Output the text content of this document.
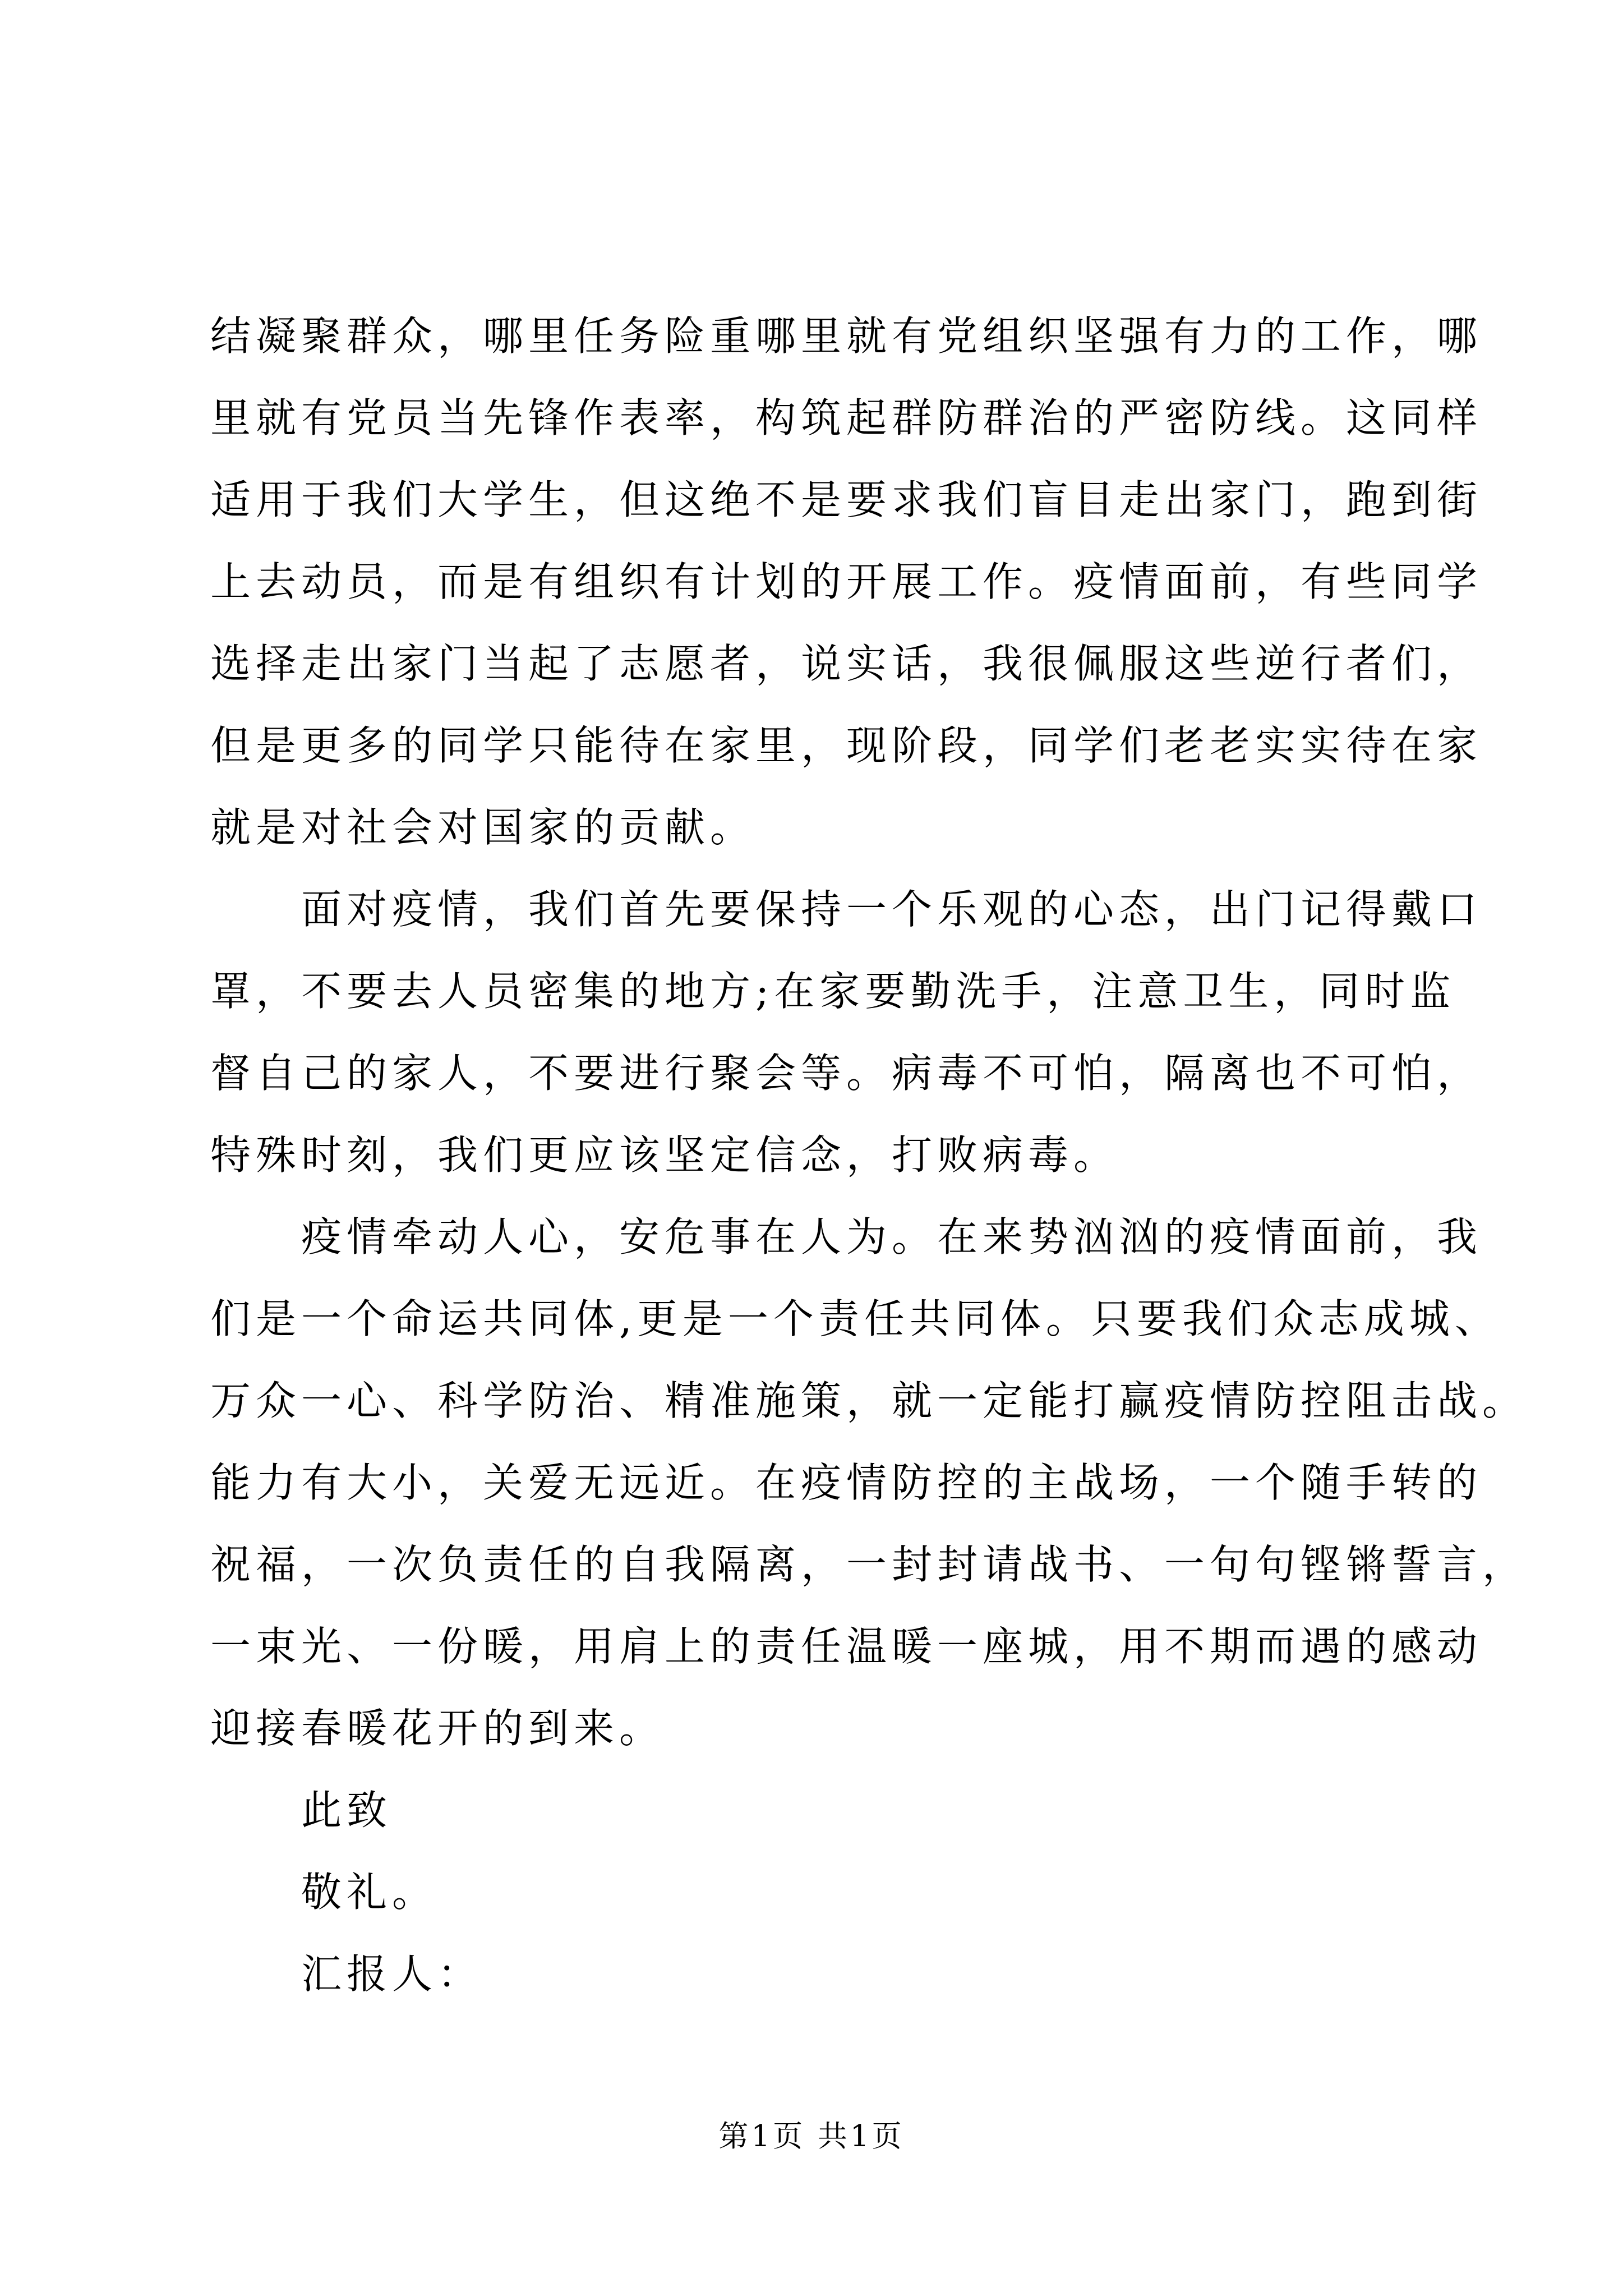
结凝聚群众，哪里任务险重哪里就有党组织坚强有力的工作，哪
里就有党员当先锋作表率，构筑起群防群治的严密防线。这同样
适用于我们大学生，但这绝不是要求我们盲目走出家门，跑到街
上去动员，而是有组织有计划的开展工作。疫情面前，有些同学
选择走出家门当起了志愿者，说实话，我很佩服这些逆行者们，
但是更多的同学只能待在家里，现阶段，同学们老老实实待在家
就是对社会对国家的贡献。
面对疫情，我们首先要保持一个乐观的心态，出门记得戴口
罩，不要去人员密集的地方;在家要勤洗手，注意卫生，同时监
督自己的家人，不要进行聚会等。病毒不可怕，隔离也不可怕，
特殊时刻，我们更应该坚定信念，打败病毒。
疫情牵动人心，安危事在人为。在来势汹汹的疫情面前，我
们是一个命运共同体,更是一个责任共同体。只要我们众志成城、
万众一心、科学防治、精准施策，就一定能打赢疫情防控阻击战。
能力有大小，关爱无远近。在疫情防控的主战场，一个随手转的
祝福，一次负责任的自我隔离，一封封请战书、一句句铿锵誓言，
一束光、一份暖，用肩上的责任温暖一座城，用不期而遇的感动
迎接春暖花开的到来。
此致
敬礼。
汇报人：
第1页 共1页
